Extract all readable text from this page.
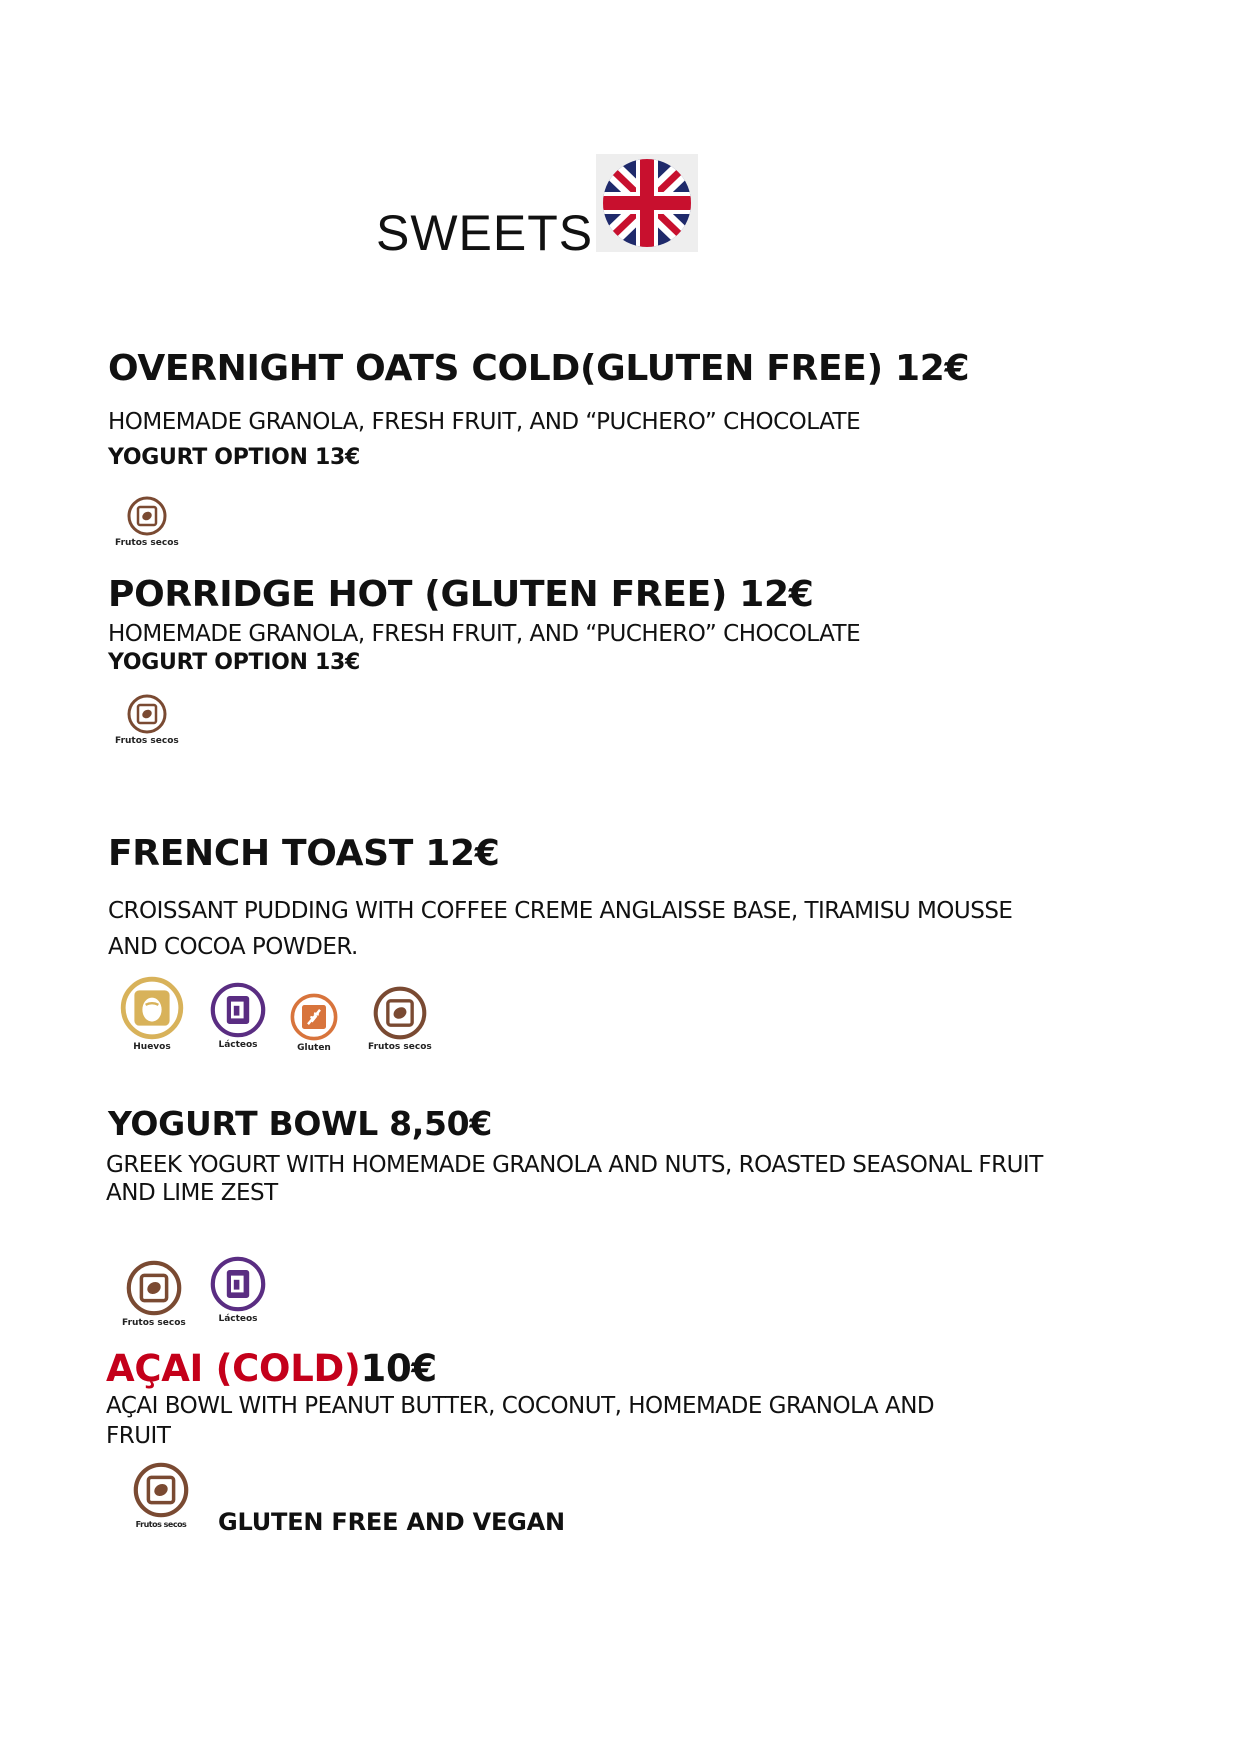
SWEETS
OVERNIGHT OATS COLD(GLUTEN FREE) 12€
HOMEMADE GRANOLA, FRESH FRUIT, AND “PUCHERO” CHOCOLATE
YOGURT OPTION 13€
Frutos secos
PORRIDGE HOT (GLUTEN FREE) 12€
HOMEMADE GRANOLA, FRESH FRUIT, AND “PUCHERO” CHOCOLATE
YOGURT OPTION 13€
Frutos secos
FRENCH TOAST 12€
CROISSANT PUDDING WITH COFFEE CREME ANGLAISSE BASE, TIRAMISU MOUSSE
AND COCOA POWDER.
Huevos	Lácteos	Gluten	Frutos secos
YOGURT BOWL 8,50€
GREEK YOGURT WITH HOMEMADE GRANOLA AND NUTS, ROASTED SEASONAL FRUIT
AND LIME ZEST
Frutos secos	Lácteos
AÇAI (COLD)10€
AÇAI BOWL WITH PEANUT BUTTER, COCONUT, HOMEMADE GRANOLA AND
FRUIT
Frutos secos GLUTEN FREE AND VEGAN
